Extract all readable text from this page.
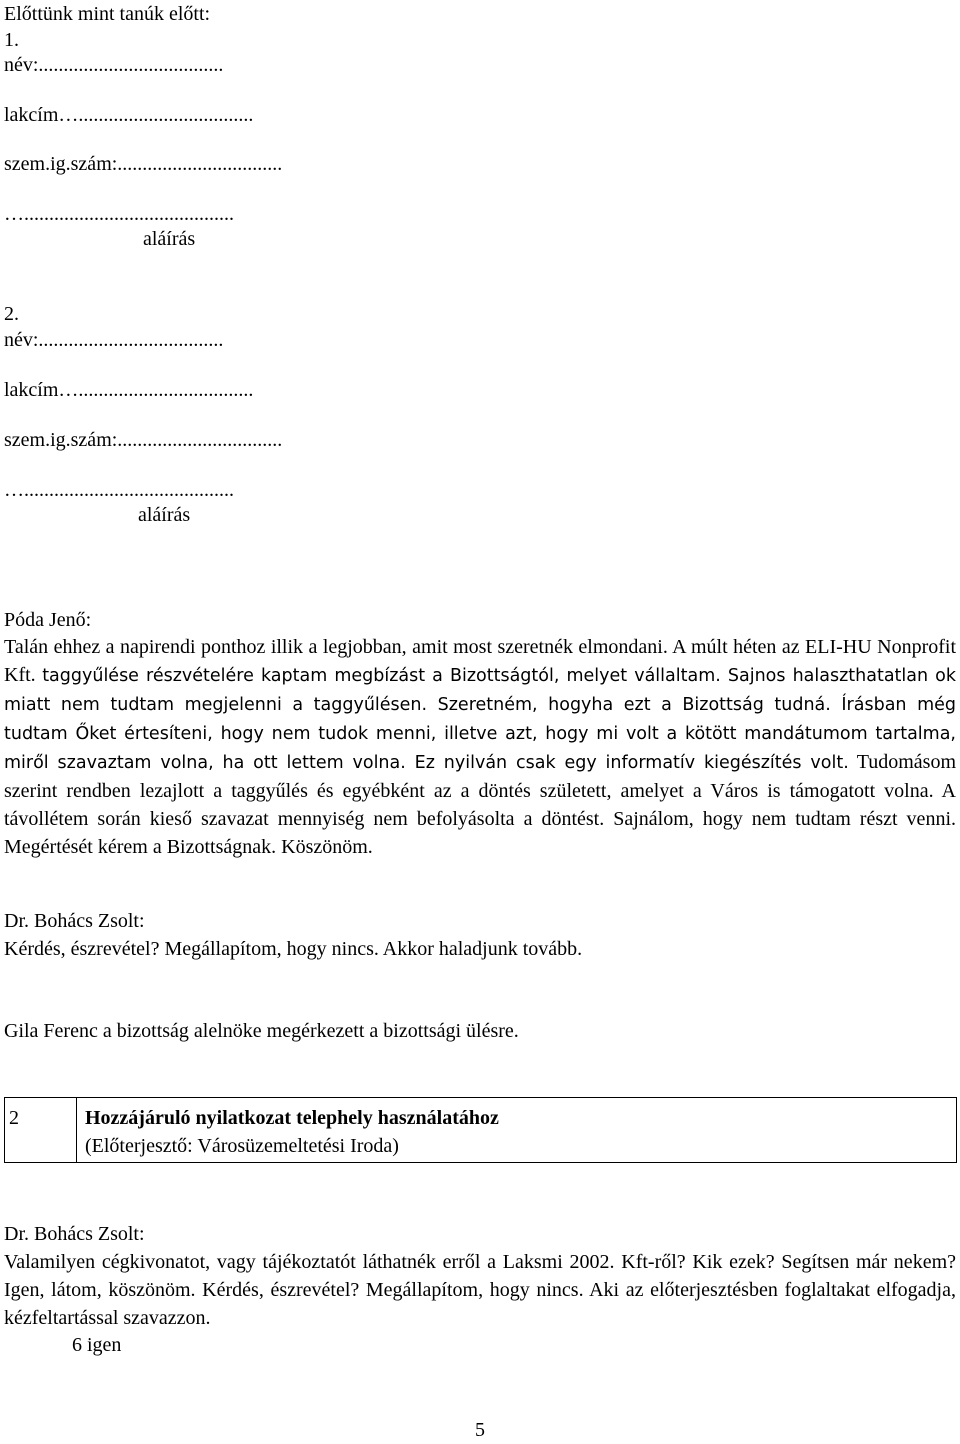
Előttünk mint tanúk előtt:
1.
név:.....................................
lakcím…...................................
szem.ig.szám:.................................
…..........................................
aláírás
2.
név:.....................................
lakcím…...................................
szem.ig.szám:.................................
…..........................................
aláírás
Póda Jenő:
Talán ehhez a napirendi ponthoz illik a legjobban, amit most szeretnék elmondani. A múlt héten az ELI-HU Nonprofit Kft. taggyűlése részvételére kaptam megbízást a Bizottságtól, melyet vállaltam. Sajnos halaszthatatlan ok miatt nem tudtam megjelenni a taggyűlésen. Szeretném, hogyha ezt a Bizottság tudná. Írásban még tudtam Őket értesíteni, hogy nem tudok menni, illetve azt, hogy mi volt a kötött mandátumom tartalma, miről szavaztam volna, ha ott lettem volna. Ez nyilván csak egy informatív kiegészítés volt. Tudomásom szerint rendben lezajlott a taggyűlés és egyébként az a döntés született, amelyet a Város is támogatott volna. A távollétem során kieső szavazat mennyiség nem befolyásolta a döntést. Sajnálom, hogy nem tudtam részt venni. Megértését kérem a Bizottságnak. Köszönöm.
Dr. Bohács Zsolt:
Kérdés, észrevétel? Megállapítom, hogy nincs. Akkor haladjunk tovább.
Gila Ferenc a bizottság alelnöke megérkezett a bizottsági ülésre.
2	Hozzájáruló nyilatkozat telephely használatához
(Előterjesztő: Városüzemeltetési Iroda)
Dr. Bohács Zsolt:
Valamilyen cégkivonatot, vagy tájékoztatót láthatnék erről a Laksmi 2002. Kft-ről? Kik ezek? Segítsen már nekem? Igen, látom, köszönöm. Kérdés, észrevétel? Megállapítom, hogy nincs. Aki az előterjesztésben foglaltakat elfogadja, kézfeltartással szavazzon.
6 igen
5
